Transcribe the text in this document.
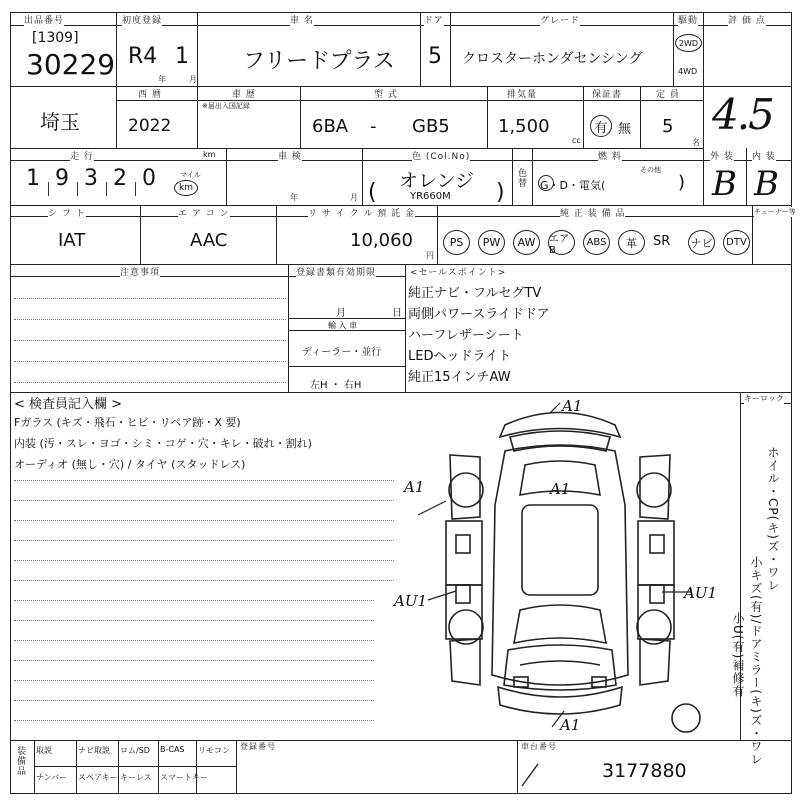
出品番号
[1309]
30229
初度登録
R4 1
年	月
車 名
フリードプラス
ドア
5
グレード
クロスターホンダセンシング
駆動
2WD
4WD
評 価 点
埼玉
西 暦
2022
車 歴
※届出入国記録
型 式
6BA - GB5
排気量
1,500
cc
保証書
有 無
定 員
5
名
4.5
走 行
1 9 3 2 0	マイル
km
km	車 検
年	月
色 (Col.No)
オレンジ
YR660M
(	)
色替
燃 料
G・D・電気(
その他
)
外 装 内 装
B B
シ フ ト
IAT
エ ア コ ン
AAC
リ サ イ ク ル 預 託 金
10,060
円
純 正 装 備 品	チューナー等
PS	PW	AW	エアB
ABS	革	SR ナビ	DTV
注意事項	登録書類有効期限
月	日
輸 入 車
ディーラー・並行
左H ・ 右H
<セールスポイント>
純正ナビ・フルセグTV
両側パワースライドドア
ハーフレザーシート
LEDヘッドライト
純正15インチAW
キーロック
< 検査員記入欄 >
Fガラス (キズ・飛石・ヒビ・リペア跡・X 要)
内装 (汚・スレ・ヨゴ・シミ・コゲ・穴・キレ・破れ・割れ)
オーディオ (無し・穴) / タイヤ (スタッドレス)
A1
A1	A1
AU1	AU1
A1
ホイル・CP(キ)ズ・ワレ
小キズ(有)/ドアミラー(キ)ズ・ワレ
小U(有)補修有
取説	ナビ取説 ロム/SD B-CAS リモコン
ナンバー スペアキー キーレス スマートキー
装備品	登録番号	車台番号
3177880
